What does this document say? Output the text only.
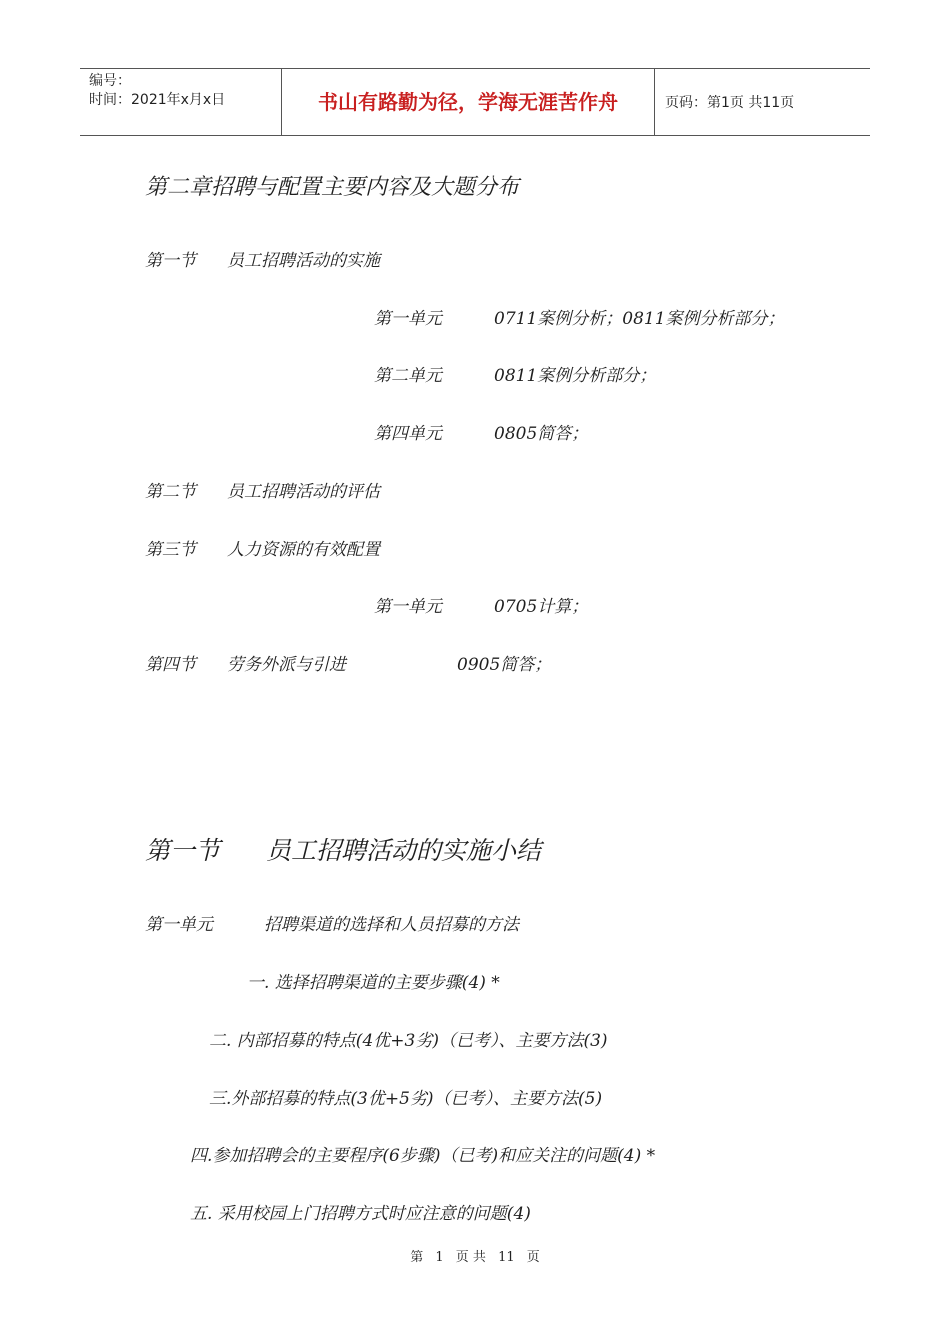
编号：
时间：2021年x月x日	书山有路勤为径，学海无涯苦作舟	页码：第1页 共11页
第二章招聘与配置主要内容及大题分布
第一节 员工招聘活动的实施
第一单元	0711案例分析；0811案例分析部分；
第二单元	0811案例分析部分；
第四单元	0805简答；
第二节 员工招聘活动的评估
第三节 人力资源的有效配置
第一单元	0705计算；
第四节 劳务外派与引进	0905简答；
第一节 员工招聘活动的实施小结
第一单元	招聘渠道的选择和人员招募的方法
一. 选择招聘渠道的主要步骤(4) *
二. 内部招募的特点(4优+3劣)（已考）、主要方法(3)
三.外部招募的特点(3优+5劣)（已考）、主要方法(5)
四.参加招聘会的主要程序(6步骤)（已考)和应关注的问题(4) *
五. 采用校园上门招聘方式时应注意的问题(4)
第 1 页 共 11 页
